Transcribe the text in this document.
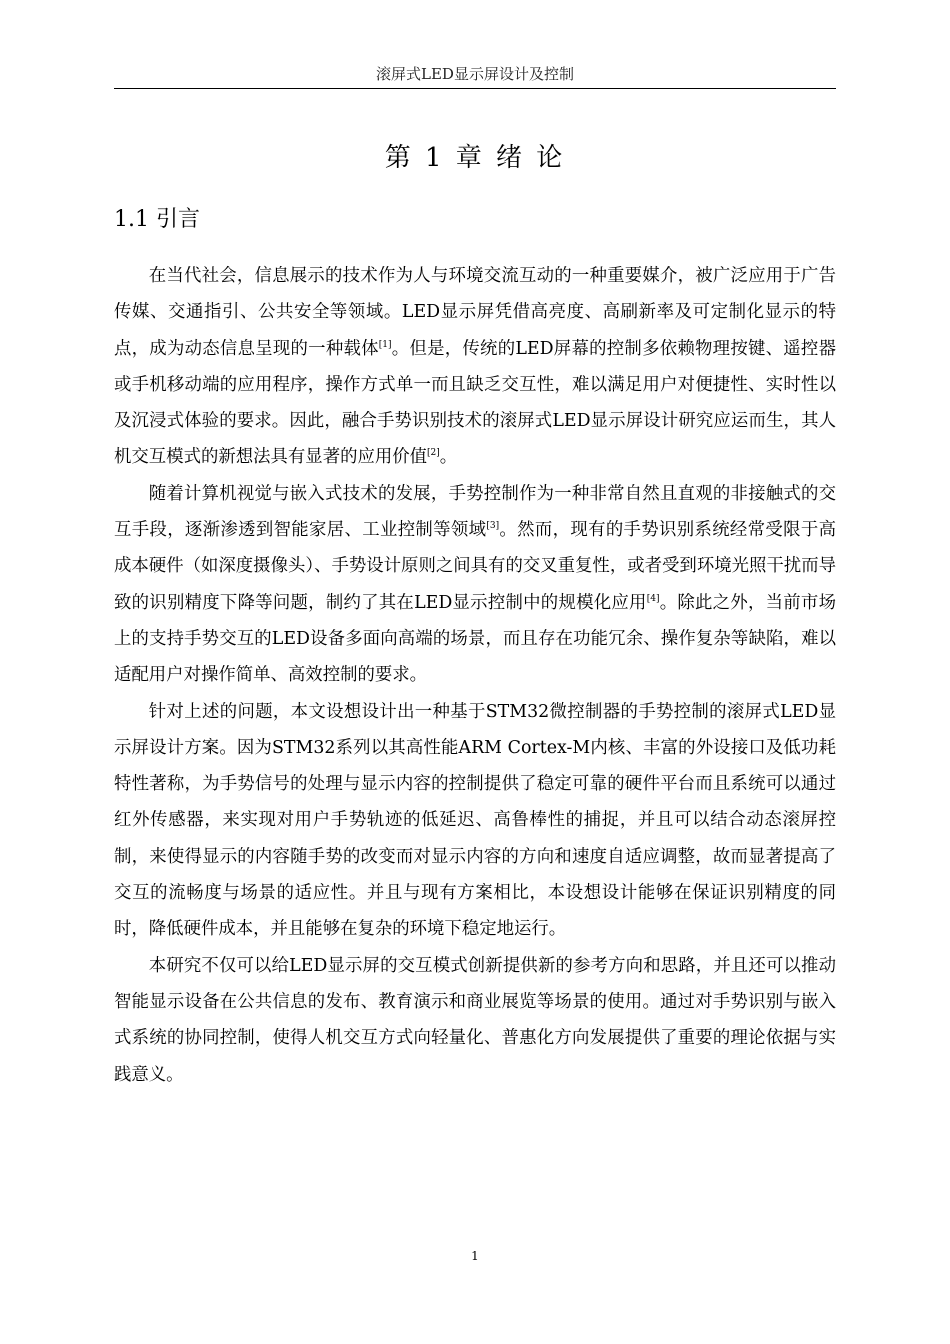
滚屏式LED显示屏设计及控制
第 1 章 绪 论
1.1 引言

在当代社会，信息展示的技术作为人与环境交流互动的一种重要媒介，被广泛应用于广告传媒、交通指引、公共安全等领域。LED显示屏凭借高亮度、高刷新率及可定制化显示的特点，成为动态信息呈现的一种载体[1]。但是，传统的LED屏幕的控制多依赖物理按键、遥控器或手机移动端的应用程序，操作方式单一而且缺乏交互性，难以满足用户对便捷性、实时性以及沉浸式体验的要求。因此，融合手势识别技术的滚屏式LED显示屏设计研究应运而生，其人机交互模式的新想法具有显著的应用价值[2]。

随着计算机视觉与嵌入式技术的发展，手势控制作为一种非常自然且直观的非接触式的交互手段，逐渐渗透到智能家居、工业控制等领域[3]。然而，现有的手势识别系统经常受限于高成本硬件（如深度摄像头）、手势设计原则之间具有的交叉重复性，或者受到环境光照干扰而导致的识别精度下降等问题，制约了其在LED显示控制中的规模化应用[4]。除此之外，当前市场上的支持手势交互的LED设备多面向高端的场景，而且存在功能冗余、操作复杂等缺陷，难以适配用户对操作简单、高效控制的要求。

针对上述的问题，本文设想设计出一种基于STM32微控制器的手势控制的滚屏式LED显示屏设计方案。因为STM32系列以其高性能ARM Cortex-M内核、丰富的外设接口及低功耗特性著称，为手势信号的处理与显示内容的控制提供了稳定可靠的硬件平台而且系统可以通过红外传感器，来实现对用户手势轨迹的低延迟、高鲁棒性的捕捉，并且可以结合动态滚屏控制，来使得显示的内容随手势的改变而对显示内容的方向和速度自适应调整，故而显著提高了交互的流畅度与场景的适应性。并且与现有方案相比，本设想设计能够在保证识别精度的同时，降低硬件成本，并且能够在复杂的环境下稳定地运行。

本研究不仅可以给LED显示屏的交互模式创新提供新的参考方向和思路，并且还可以推动智能显示设备在公共信息的发布、教育演示和商业展览等场景的使用。通过对手势识别与嵌入式系统的协同控制，使得人机交互方式向轻量化、普惠化方向发展提供了重要的理论依据与实践意义。

1
